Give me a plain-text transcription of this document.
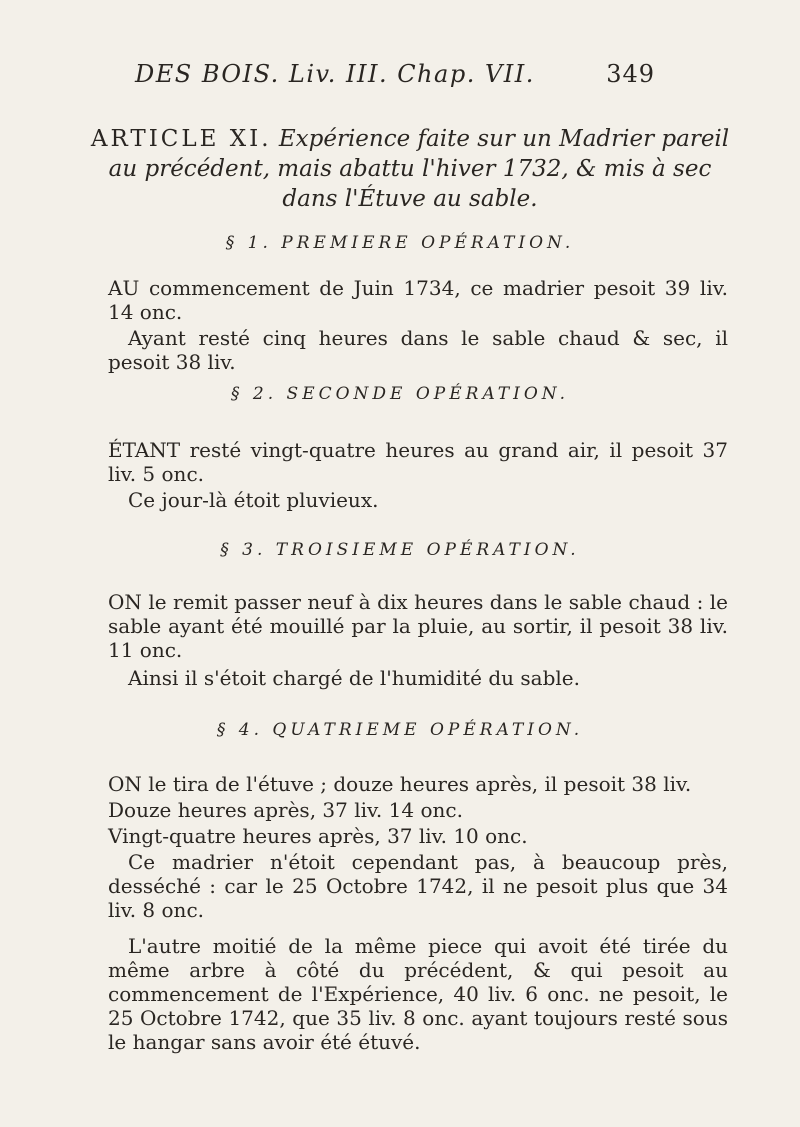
DES BOIS. Liv. III. Chap. VII.	349
ARTICLE XI. Expérience faite sur un Madrier pareil au précédent, mais abattu l'hiver 1732, & mis à sec dans l'Étuve au sable.
§ 1. PREMIERE OPÉRATION.
AU commencement de Juin 1734, ce madrier pesoit 39 liv. 14 onc.
Ayant resté cinq heures dans le sable chaud & sec, il pesoit 38 liv.
§ 2. SECONDE OPÉRATION.
ÉTANT resté vingt-quatre heures au grand air, il pesoit 37 liv. 5 onc.
Ce jour-là étoit pluvieux.
§ 3. TROISIEME OPÉRATION.
ON le remit passer neuf à dix heures dans le sable chaud : le sable ayant été mouillé par la pluie, au sortir, il pesoit 38 liv. 11 onc.
Ainsi il s'étoit chargé de l'humidité du sable.
§ 4. QUATRIEME OPÉRATION.
ON le tira de l'étuve ; douze heures après, il pesoit 38 liv.
Douze heures après, 37 liv. 14 onc.
Vingt-quatre heures après, 37 liv. 10 onc.
Ce madrier n'étoit cependant pas, à beaucoup près, desséché : car le 25 Octobre 1742, il ne pesoit plus que 34 liv. 8 onc.
L'autre moitié de la même piece qui avoit été tirée du même arbre à côté du précédent, & qui pesoit au commencement de l'Expérience, 40 liv. 6 onc. ne pesoit, le 25 Octobre 1742, que 35 liv. 8 onc. ayant toujours resté sous le hangar sans avoir été étuvé.
